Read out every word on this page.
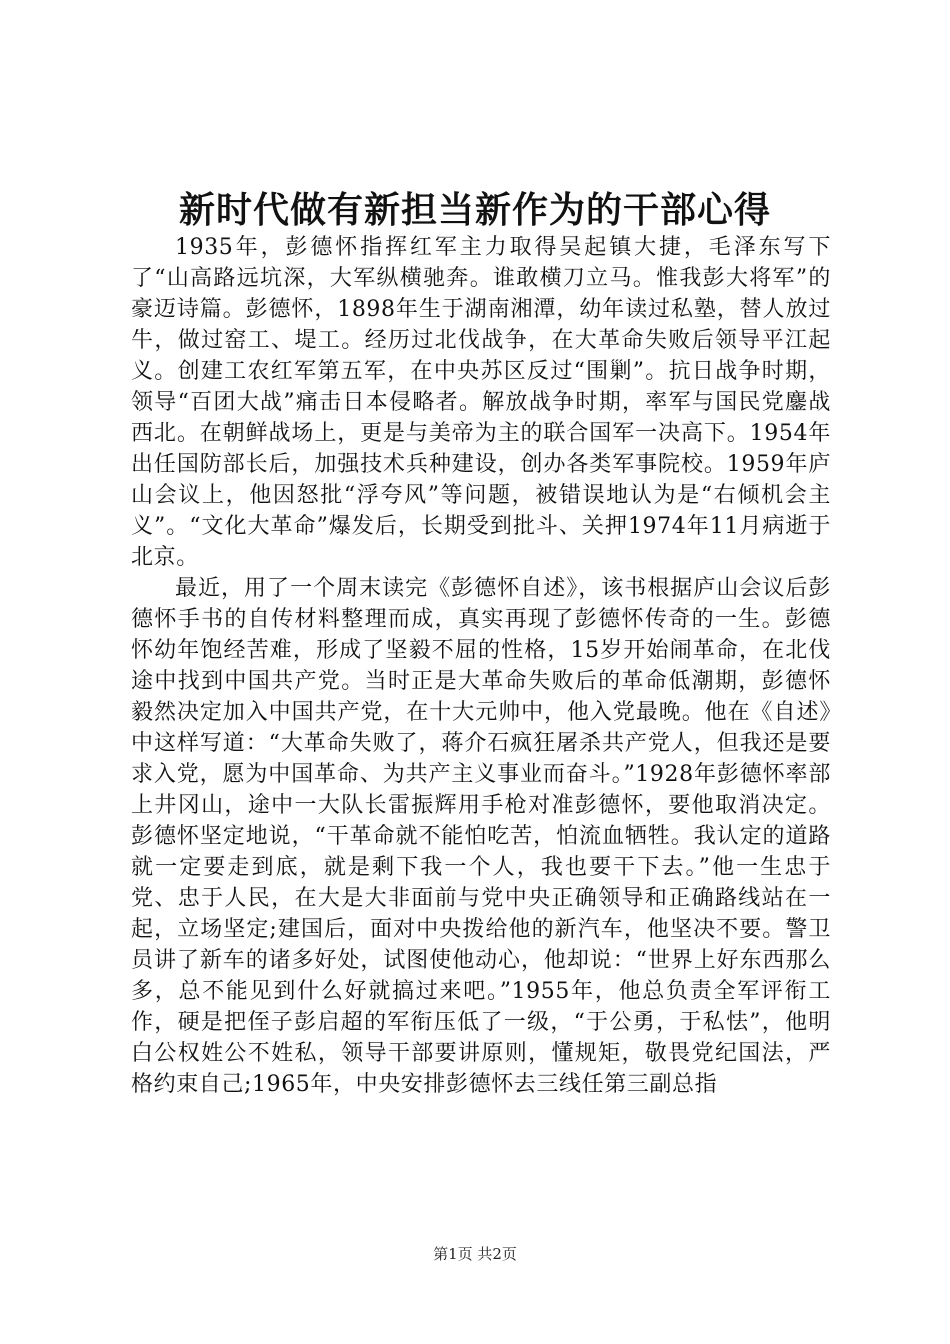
新时代做有新担当新作为的干部心得

1935年，彭德怀指挥红军主力取得吴起镇大捷，毛泽东写下了“山高路远坑深，大军纵横驰奔。谁敢横刀立马。惟我彭大将军”的豪迈诗篇。彭德怀，1898年生于湖南湘潭，幼年读过私塾，替人放过牛，做过窑工、堤工。经历过北伐战争，在大革命失败后领导平江起义。创建工农红军第五军，在中央苏区反过“围剿”。抗日战争时期，领导“百团大战”痛击日本侵略者。解放战争时期，率军与国民党鏖战西北。在朝鲜战场上，更是与美帝为主的联合国军一决高下。1954年出任国防部长后，加强技术兵种建设，创办各类军事院校。1959年庐山会议上，他因怒批“浮夸风”等问题，被错误地认为是“右倾机会主义”。“文化大革命”爆发后，长期受到批斗、关押1974年11月病逝于北京。

最近，用了一个周末读完《彭德怀自述》，该书根据庐山会议后彭德怀手书的自传材料整理而成，真实再现了彭德怀传奇的一生。彭德怀幼年饱经苦难，形成了坚毅不屈的性格，15岁开始闹革命，在北伐途中找到中国共产党。当时正是大革命失败后的革命低潮期，彭德怀毅然决定加入中国共产党，在十大元帅中，他入党最晚。他在《自述》中这样写道：“大革命失败了，蒋介石疯狂屠杀共产党人，但我还是要求入党，愿为中国革命、为共产主义事业而奋斗。”1928年彭德怀率部上井冈山，途中一大队长雷振辉用手枪对准彭德怀，要他取消决定。彭德怀坚定地说，“干革命就不能怕吃苦，怕流血牺牲。我认定的道路就一定要走到底，就是剩下我一个人，我也要干下去。”他一生忠于党、忠于人民，在大是大非面前与党中央正确领导和正确路线站在一起，立场坚定;建国后，面对中央拨给他的新汽车，他坚决不要。警卫员讲了新车的诸多好处，试图使他动心，他却说：“世界上好东西那么多，总不能见到什么好就搞过来吧。”1955年，他总负责全军评衔工作，硬是把侄子彭启超的军衔压低了一级，“于公勇，于私怯”，他明白公权姓公不姓私，领导干部要讲原则，懂规矩，敬畏党纪国法，严格约束自己;1965年，中央安排彭德怀去三线任第三副总指

第1页 共2页
